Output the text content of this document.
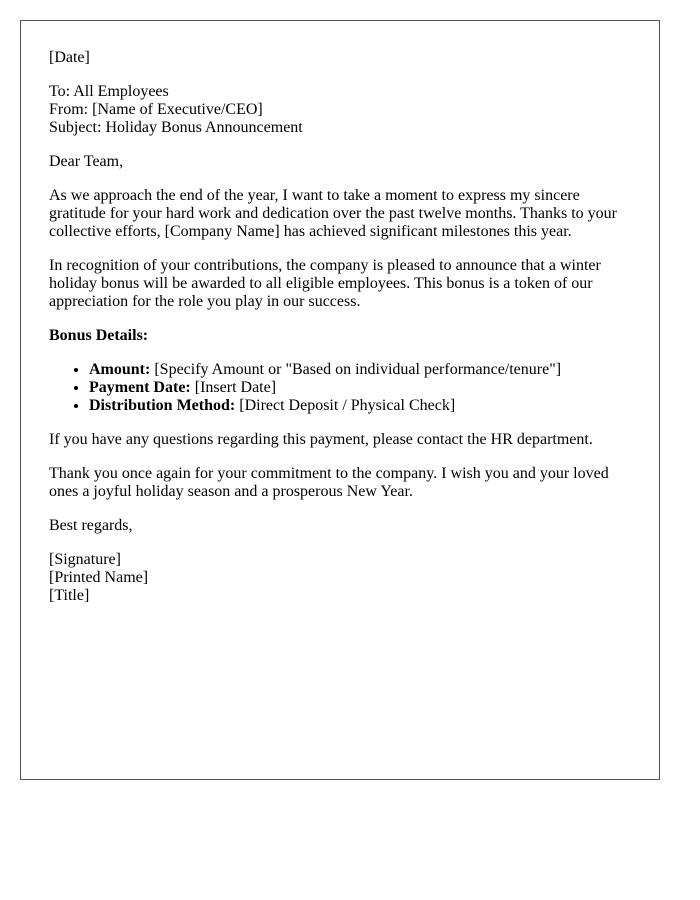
[Date]

To: All Employees
From: [Name of Executive/CEO]
Subject: Holiday Bonus Announcement

Dear Team,

As we approach the end of the year, I want to take a moment to express my sincere gratitude for your hard work and dedication over the past twelve months. Thanks to your collective efforts, [Company Name] has achieved significant milestones this year.

In recognition of your contributions, the company is pleased to announce that a winter holiday bonus will be awarded to all eligible employees. This bonus is a token of our appreciation for the role you play in our success.

Bonus Details:
• Amount: [Specify Amount or "Based on individual performance/tenure"]
• Payment Date: [Insert Date]
• Distribution Method: [Direct Deposit / Physical Check]

If you have any questions regarding this payment, please contact the HR department.

Thank you once again for your commitment to the company. I wish you and your loved ones a joyful holiday season and a prosperous New Year.

Best regards,

[Signature]
[Printed Name]
[Title]
